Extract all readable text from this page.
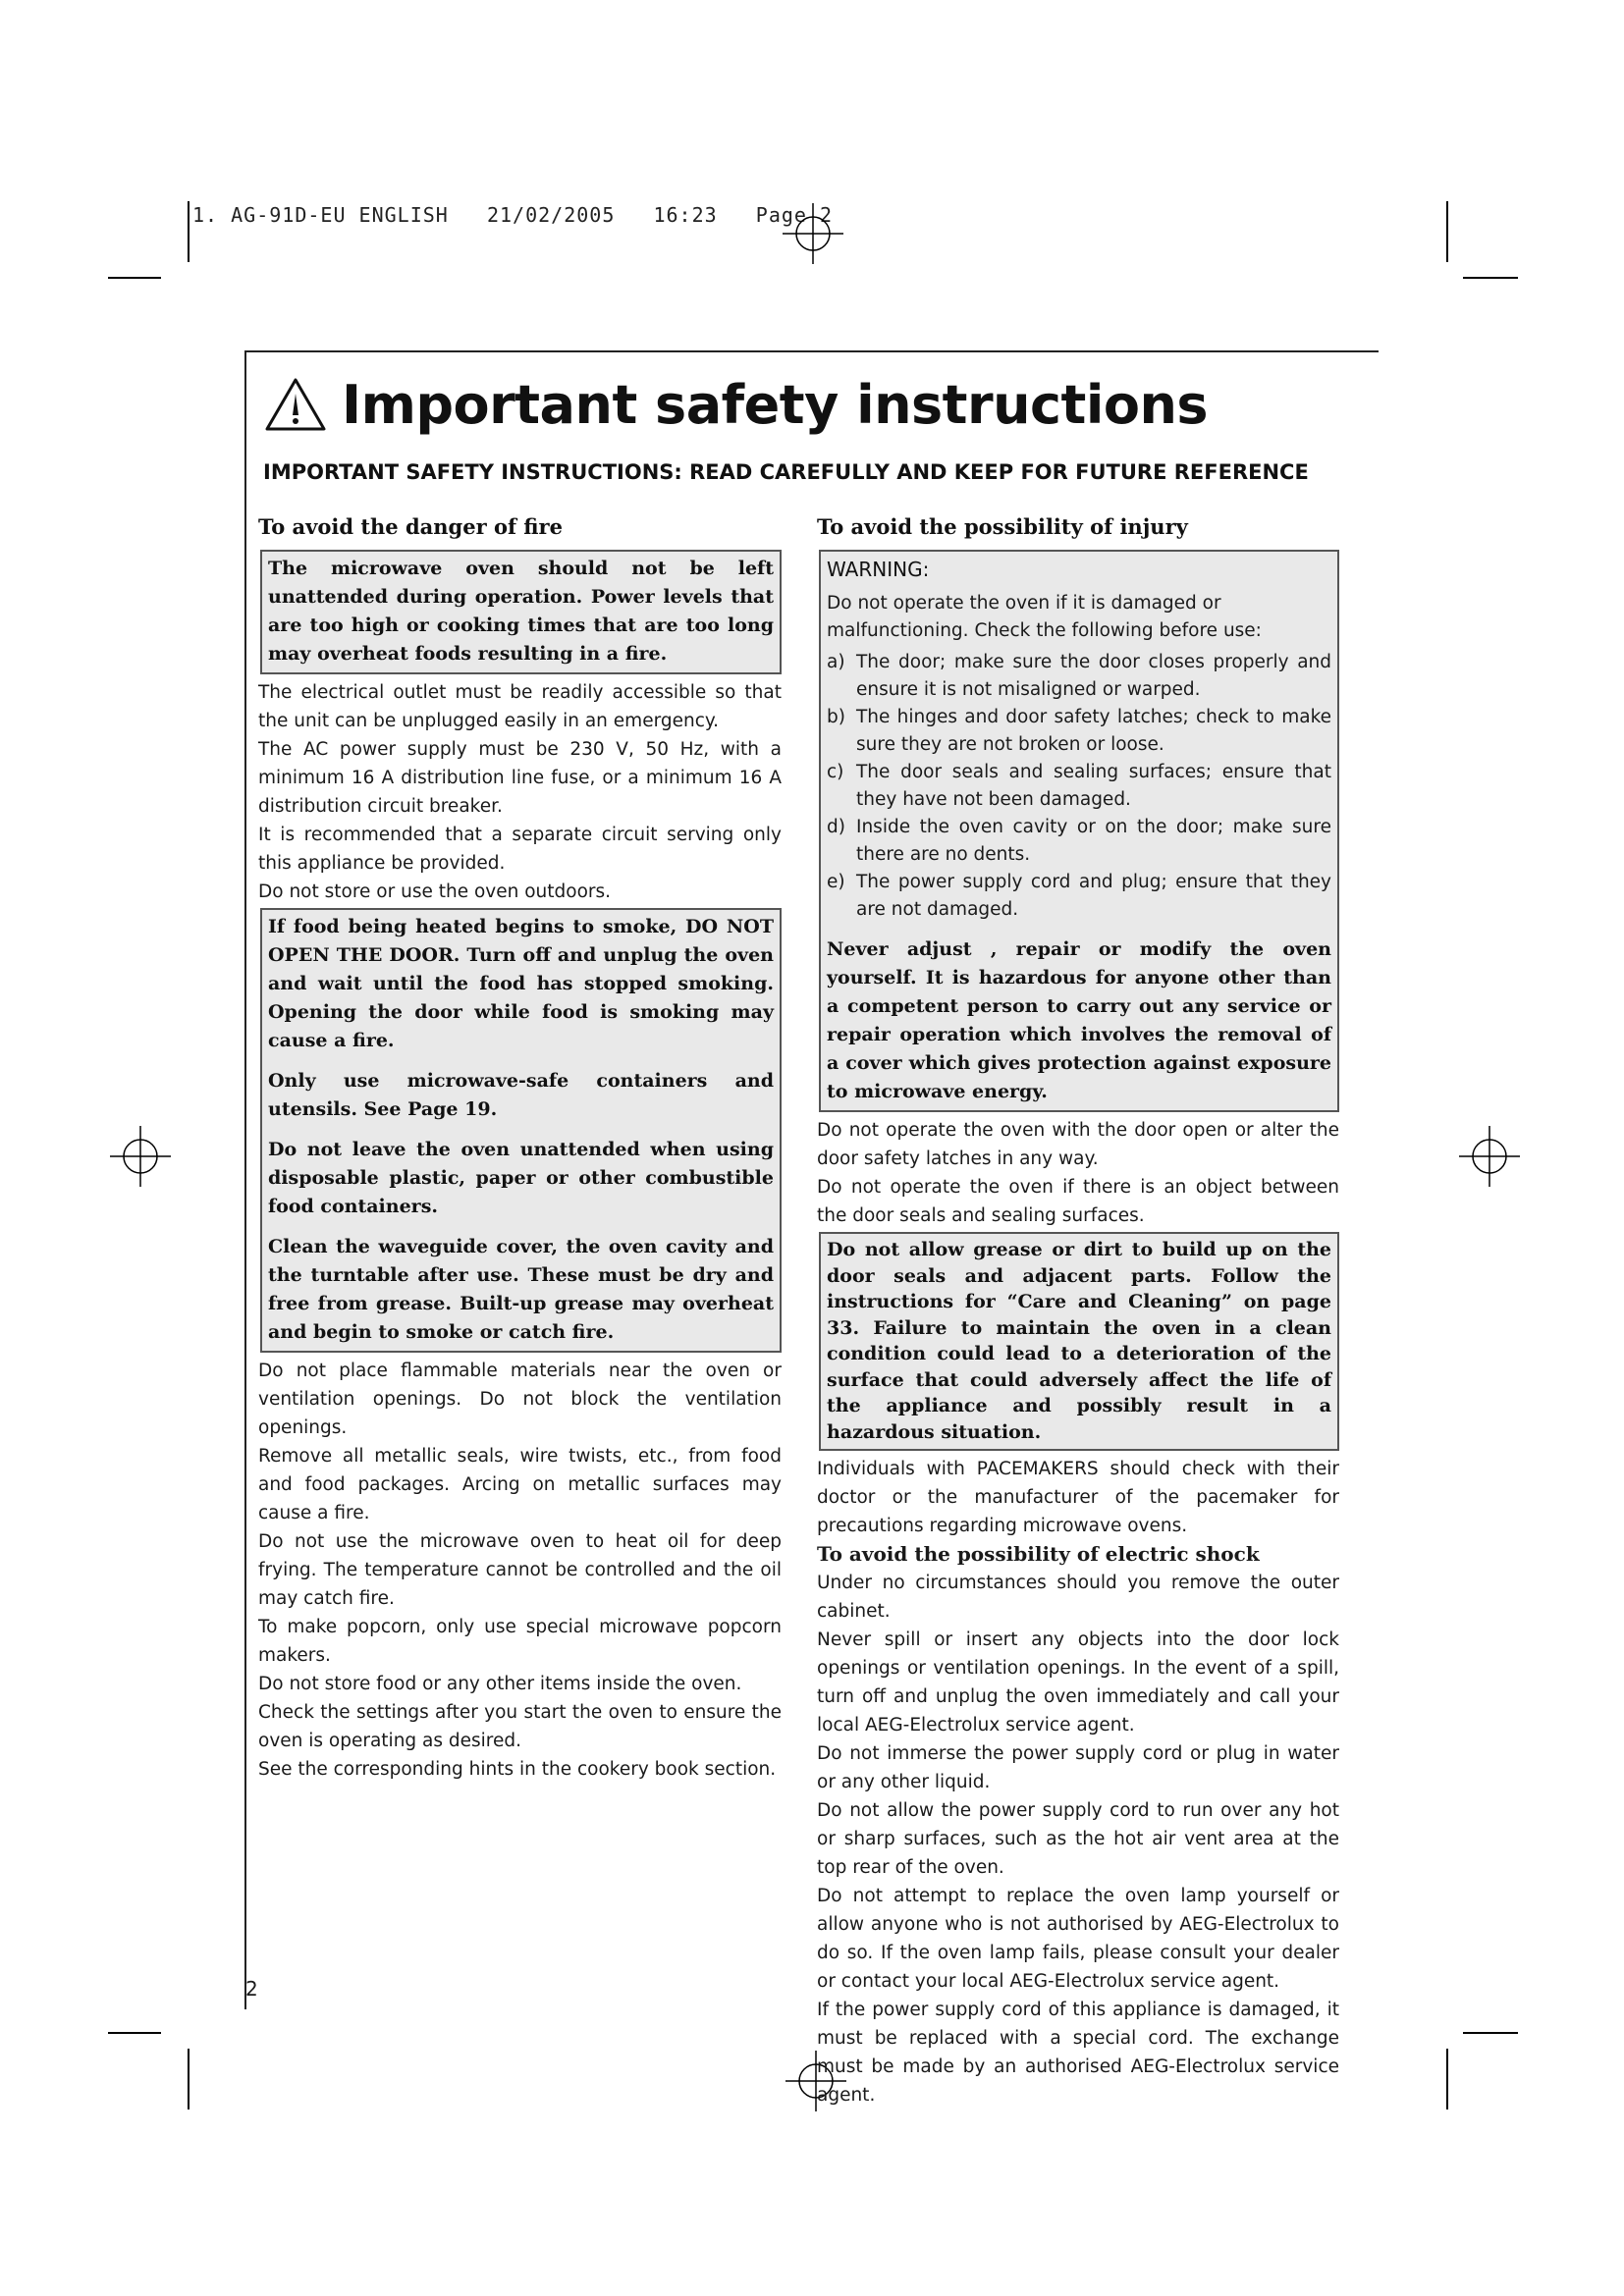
1. AG-91D-EU ENGLISH   21/02/2005   16:23   Page 2
Important safety instructions
IMPORTANT SAFETY INSTRUCTIONS: READ CAREFULLY AND KEEP FOR FUTURE REFERENCE

To avoid the danger of fire

The microwave oven should not be left unattended during operation. Power levels that are too high or cooking times that are too long may overheat foods resulting in a fire.

The electrical outlet must be readily accessible so that the unit can be unplugged easily in an emergency.

The AC power supply must be 230 V, 50 Hz, with a minimum 16 A distribution line fuse, or a minimum 16 A distribution circuit breaker.

It is recommended that a separate circuit serving only this appliance be provided.

Do not store or use the oven outdoors.

If food being heated begins to smoke, DO NOT OPEN THE DOOR. Turn off and unplug the oven and wait until the food has stopped smoking. Opening the door while food is smoking may cause a fire.

Only use microwave-safe containers and utensils. See Page 19.

Do not leave the oven unattended when using disposable plastic, paper or other combustible food containers.

Clean the waveguide cover, the oven cavity and the turntable after use. These must be dry and free from grease. Built-up grease may overheat and begin to smoke or catch fire.

Do not place flammable materials near the oven or ventilation openings. Do not block the ventilation openings.

Remove all metallic seals, wire twists, etc., from food and food packages. Arcing on metallic surfaces may cause a fire.

Do not use the microwave oven to heat oil for deep frying. The temperature cannot be controlled and the oil may catch fire.

To make popcorn, only use special microwave popcorn makers.

Do not store food or any other items inside the oven.

Check the settings after you start the oven to ensure the oven is operating as desired.

See the corresponding hints in the cookery book section.

To avoid the possibility of injury

WARNING:

Do not operate the oven if it is damaged or malfunctioning. Check the following before use:

a) The door; make sure the door closes properly and ensure it is not misaligned or warped.

b) The hinges and door safety latches; check to make sure they are not broken or loose.

c) The door seals and sealing surfaces; ensure that they have not been damaged.

d) Inside the oven cavity or on the door; make sure there are no dents.

e) The power supply cord and plug; ensure that they are not damaged.

Never adjust , repair or modify the oven yourself. It is hazardous for anyone other than a competent person to carry out any service or repair operation which involves the removal of a cover which gives protection against exposure to microwave energy.

Do not operate the oven with the door open or alter the door safety latches in any way.

Do not operate the oven if there is an object between the door seals and sealing surfaces.

Do not allow grease or dirt to build up on the door seals and adjacent parts. Follow the instructions for “Care and Cleaning” on page 33. Failure to maintain the oven in a clean condition could lead to a deterioration of the surface that could adversely affect the life of the appliance and possibly result in a hazardous situation.

Individuals with PACEMAKERS should check with their doctor or the manufacturer of the pacemaker for precautions regarding microwave ovens.

To avoid the possibility of electric shock

Under no circumstances should you remove the outer cabinet.

Never spill or insert any objects into the door lock openings or ventilation openings. In the event of a spill, turn off and unplug the oven immediately and call your local AEG-Electrolux service agent.

Do not immerse the power supply cord or plug in water or any other liquid.

Do not allow the power supply cord to run over any hot or sharp surfaces, such as the hot air vent area at the top rear of the oven.

Do not attempt to replace the oven lamp yourself or allow anyone who is not authorised by AEG-Electrolux to do so. If the oven lamp fails, please consult your dealer or contact your local AEG-Electrolux service agent.

If the power supply cord of this appliance is damaged, it must be replaced with a special cord. The exchange must be made by an authorised AEG-Electrolux service agent.

2
